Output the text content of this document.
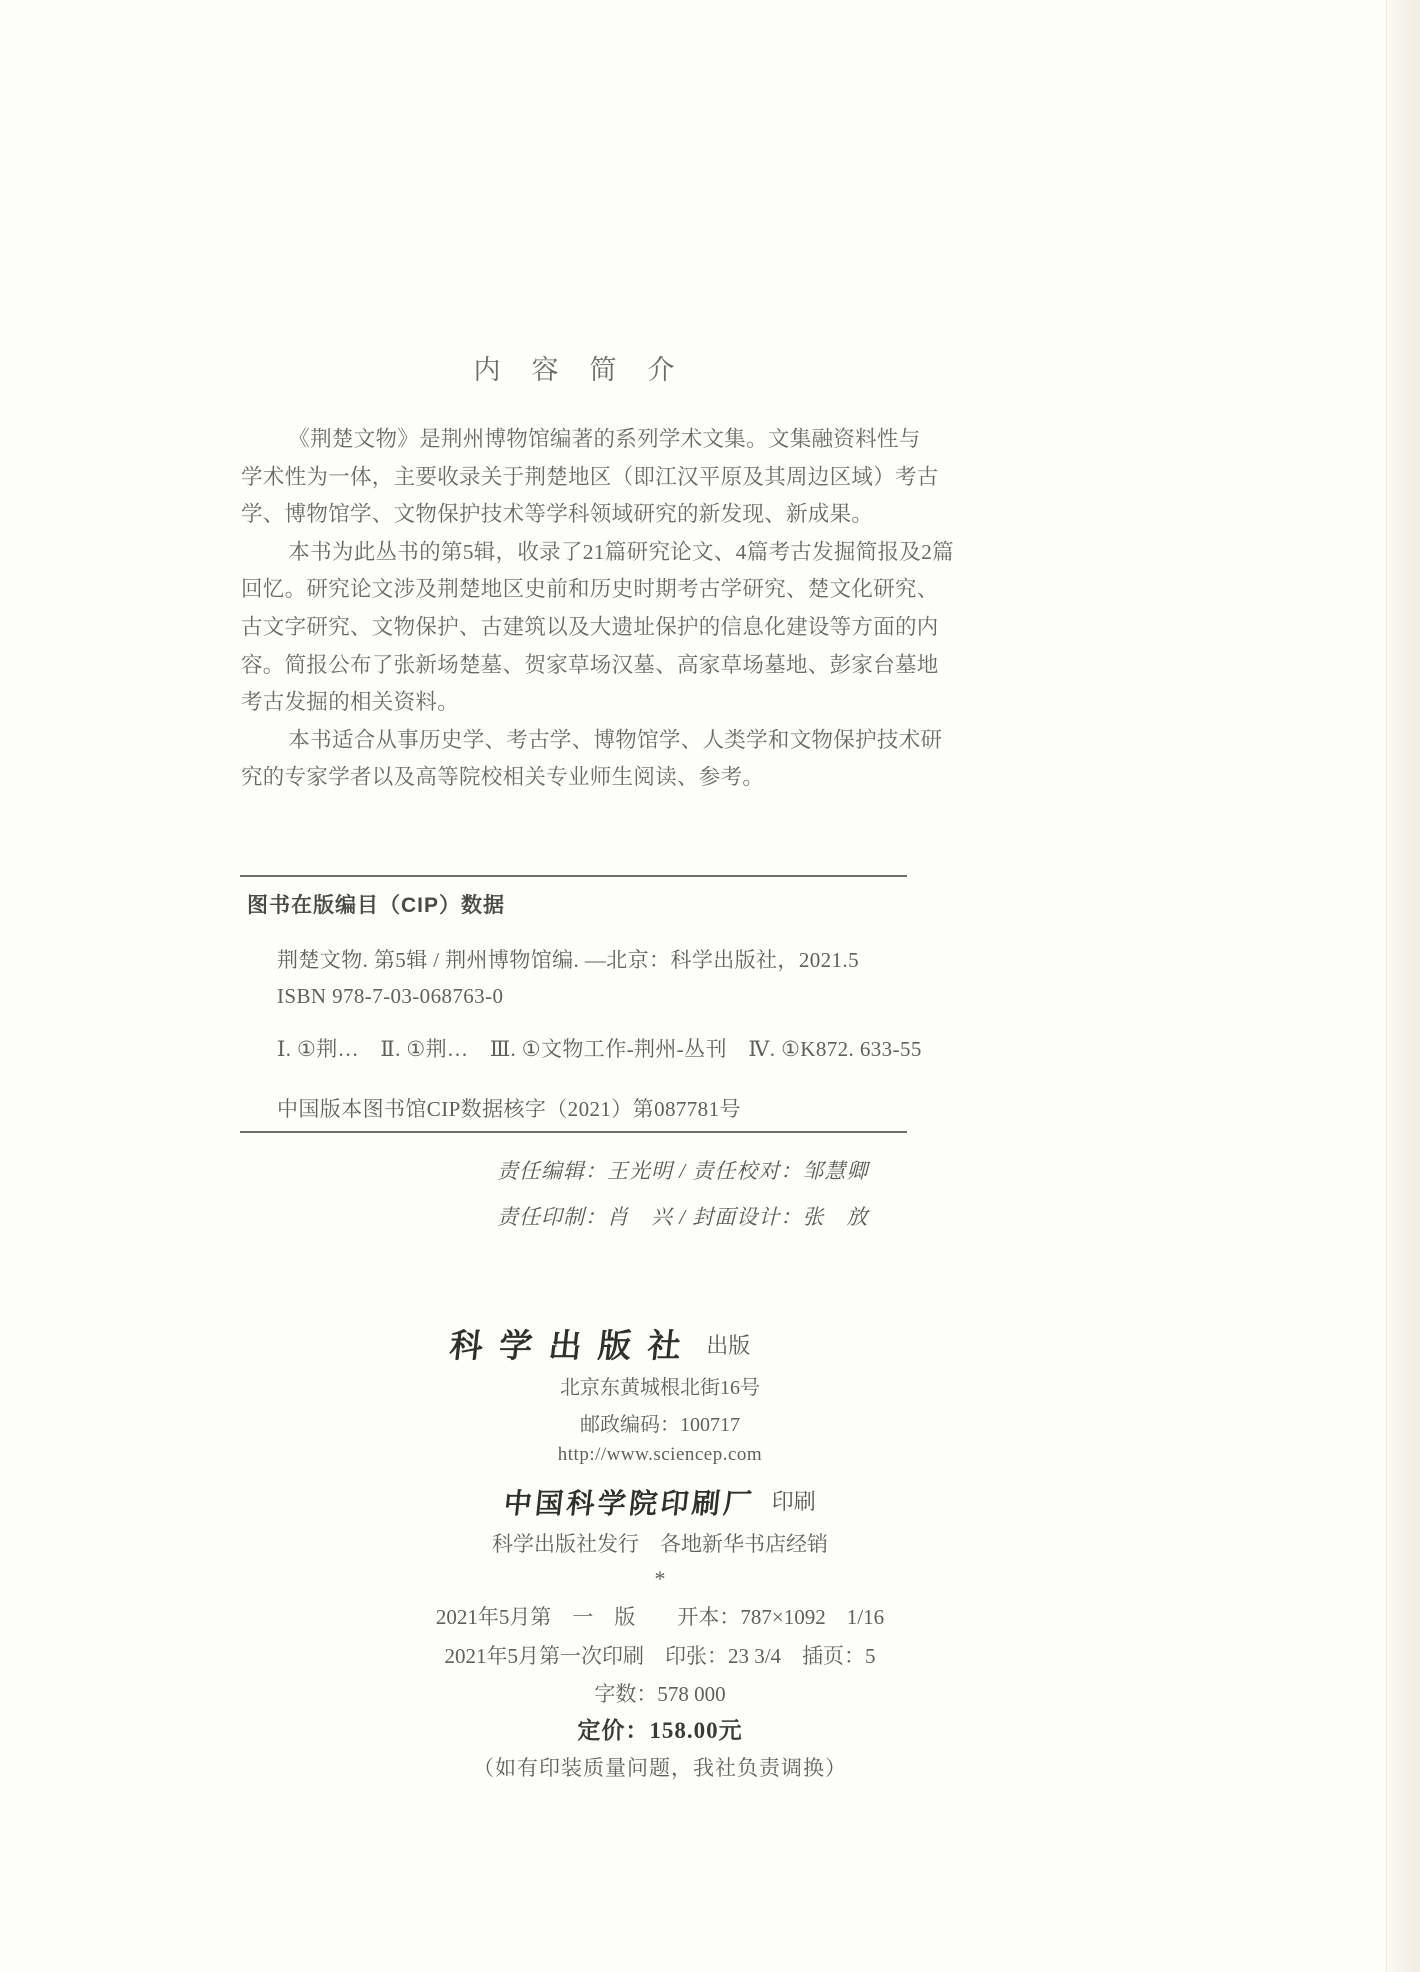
内　容　简　介
《荆楚文物》是荆州博物馆编著的系列学术文集。文集融资料性与
学术性为一体，主要收录关于荆楚地区（即江汉平原及其周边区域）考古
学、博物馆学、文物保护技术等学科领域研究的新发现、新成果。
本书为此丛书的第5辑，收录了21篇研究论文、4篇考古发掘简报及2篇
回忆。研究论文涉及荆楚地区史前和历史时期考古学研究、楚文化研究、
古文字研究、文物保护、古建筑以及大遗址保护的信息化建设等方面的内
容。简报公布了张新场楚墓、贺家草场汉墓、高家草场墓地、彭家台墓地
考古发掘的相关资料。
本书适合从事历史学、考古学、博物馆学、人类学和文物保护技术研
究的专家学者以及高等院校相关专业师生阅读、参考。
图书在版编目（CIP）数据
荆楚文物. 第5辑 / 荆州博物馆编. —北京：科学出版社，2021.5
ISBN 978-7-03-068763-0
Ⅰ. ①荆…　Ⅱ. ①荆…　Ⅲ. ①文物工作-荆州-丛刊　Ⅳ. ①K872. 633-55
中国版本图书馆CIP数据核字（2021）第087781号
责任编辑：王光明 / 责任校对：邹慧卿
责任印制：肖　兴 / 封面设计：张　放
科学出版社 出版
北京东黄城根北街16号
邮政编码：100717
http://www.sciencep.com
中国科学院印刷厂 印刷
科学出版社发行　各地新华书店经销
*
2021年5月第　一　版　　开本：787×1092　1/16
2021年5月第一次印刷　印张：23 3/4　插页：5
字数：578 000
定价：158.00元
（如有印装质量问题，我社负责调换）
